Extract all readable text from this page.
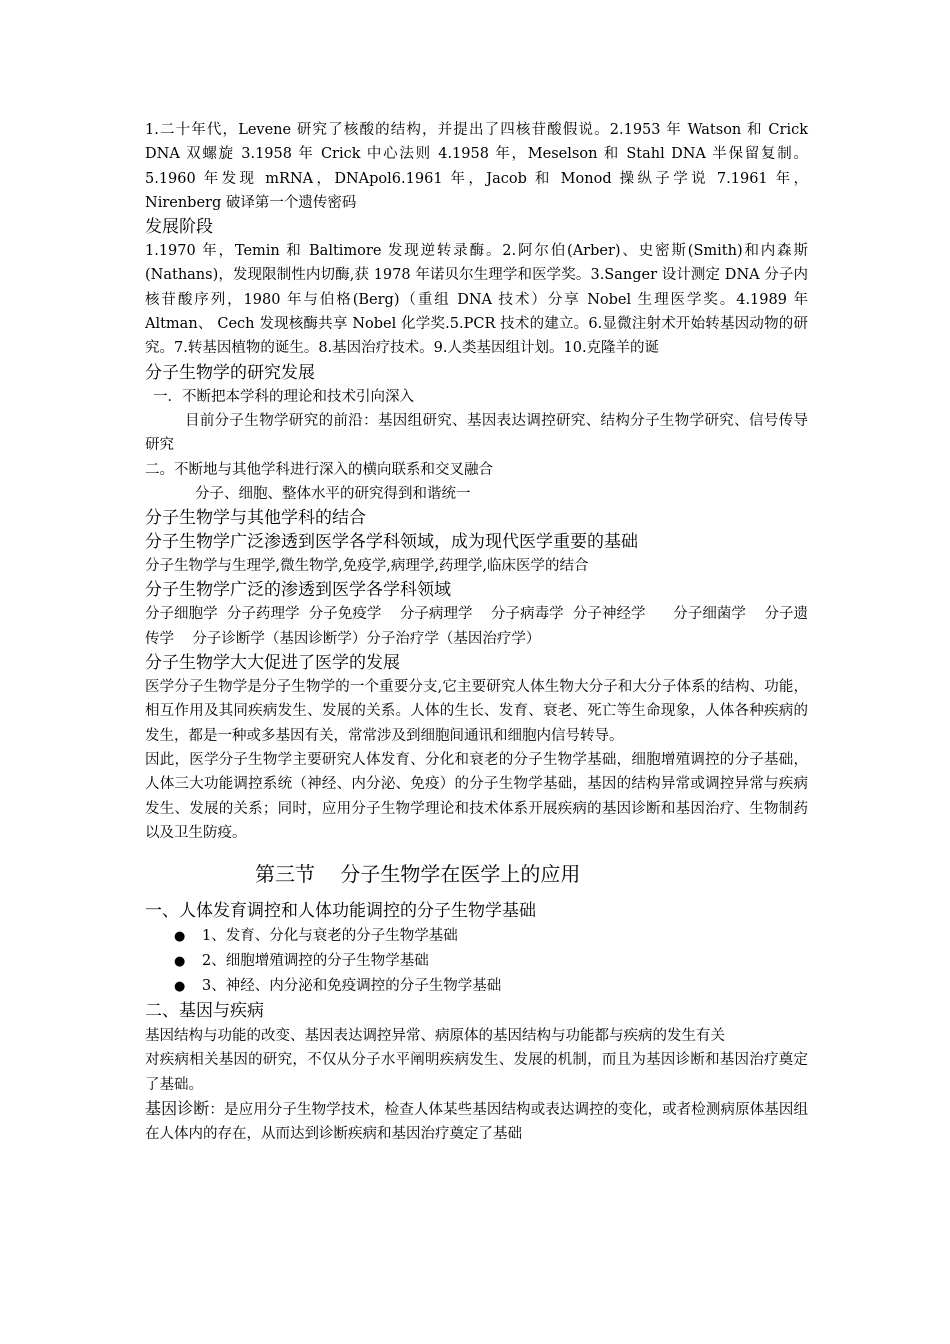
1.二十年代，Levene 研究了核酸的结构，并提出了四核苷酸假说。2.1953 年 Watson 和 Crick DNA 双螺旋 3.1958 年 Crick 中心法则 4.1958 年，Meselson 和 Stahl DNA 半保留复制。5.1960 年发现 mRNA，DNApol6.1961 年，Jacob 和 Monod 操纵子学说 7.1961 年，Nirenberg 破译第一个遗传密码

发展阶段

1.1970 年，Temin 和 Baltimore 发现逆转录酶。2.阿尔伯(Arber)、史密斯(Smith)和内森斯(Nathans)，发现限制性内切酶,获 1978 年诺贝尔生理学和医学奖。3.Sanger 设计测定 DNA 分子内核苷酸序列，1980 年与伯格(Berg)（重组 DNA 技术）分享 Nobel 生理医学奖。4.1989 年 Altman、 Cech 发现核酶共享 Nobel 化学奖.5.PCR 技术的建立。6.显微注射术开始转基因动物的研究。7.转基因植物的诞生。8.基因治疗技术。9.人类基因组计划。10.克隆羊的诞

分子生物学的研究发展

一．不断把本学科的理论和技术引向深入

目前分子生物学研究的前沿：基因组研究、基因表达调控研究、结构分子生物学研究、信号传导研究

二。不断地与其他学科进行深入的横向联系和交叉融合

分子、细胞、整体水平的研究得到和谐统一

分子生物学与其他学科的结合
分子生物学广泛渗透到医学各学科领域，成为现代医学重要的基础

分子生物学与生理学,微生物学,免疫学,病理学,药理学,临床医学的结合

分子生物学广泛的渗透到医学各学科领域

分子细胞学  分子药理学  分子免疫学    分子病理学    分子病毒学  分子神经学      分子细菌学    分子遗传学    分子诊断学（基因诊断学）分子治疗学（基因治疗学）

分子生物学大大促进了医学的发展

医学分子生物学是分子生物学的一个重要分支,它主要研究人体生物大分子和大分子体系的结构、功能，相互作用及其同疾病发生、发展的关系。人体的生长、发育、衰老、死亡等生命现象，人体各种疾病的发生，都是一种或多基因有关，常常涉及到细胞间通讯和细胞内信号转导。

因此，医学分子生物学主要研究人体发育、分化和衰老的分子生物学基础，细胞增殖调控的分子基础，人体三大功能调控系统（神经、内分泌、免疫）的分子生物学基础，基因的结构异常或调控异常与疾病发生、发展的关系；同时，应用分子生物学理论和技术体系开展疾病的基因诊断和基因治疗、生物制药以及卫生防疫。

第三节    分子生物学在医学上的应用
一、人体发育调控和人体功能调控的分子生物学基础
● 1、发育、分化与衰老的分子生物学基础
● 2、细胞增殖调控的分子生物学基础
● 3、神经、内分泌和免疫调控的分子生物学基础
二、基因与疾病

基因结构与功能的改变、基因表达调控异常、病原体的基因结构与功能都与疾病的发生有关

对疾病相关基因的研究，不仅从分子水平阐明疾病发生、发展的机制，而且为基因诊断和基因治疗奠定了基础。

基因诊断：是应用分子生物学技术，检查人体某些基因结构或表达调控的变化，或者检测病原体基因组在人体内的存在，从而达到诊断疾病和基因治疗奠定了基础
